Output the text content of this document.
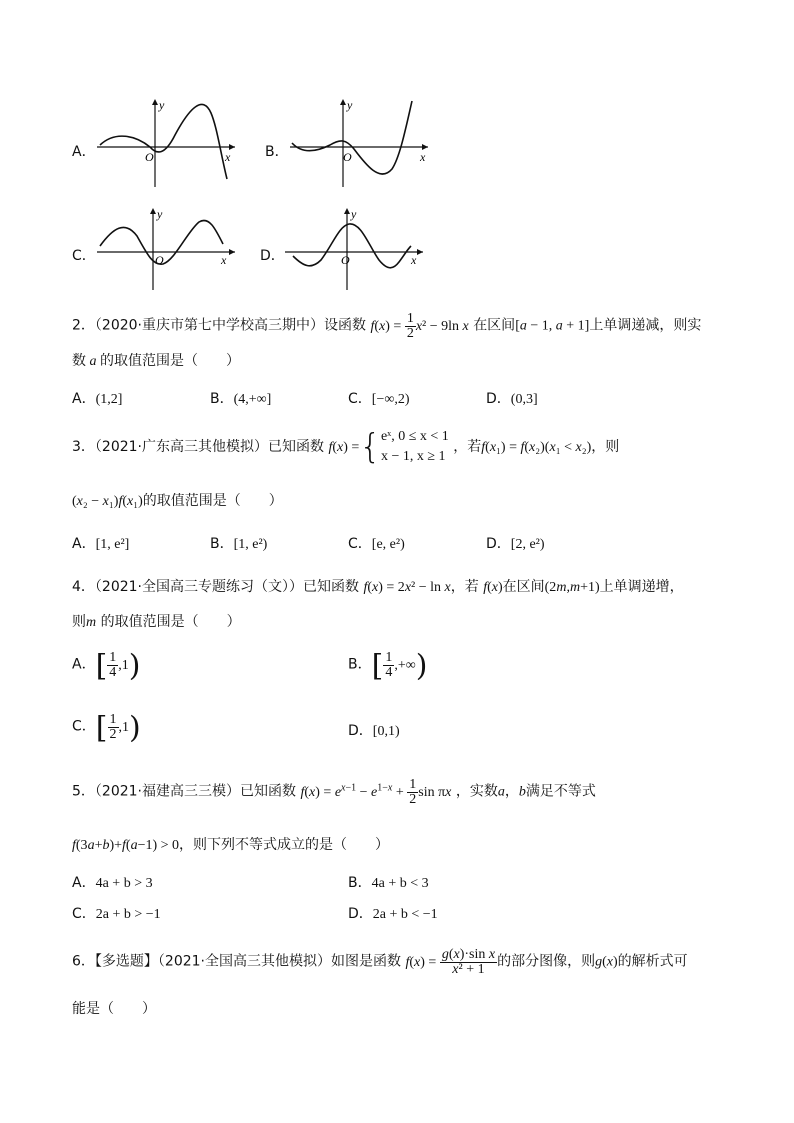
A．
y
x
O	B．
y
x
O
C．
y
x
O	D．
y
x
O
2．（2020·重庆市第七中学校高三期中）设函数 $f(x) = \frac{1}{2} x^2 - 9\ln$ x 在区间[a − 1, a + 1]上单调递减，则实
数 a 的取值范围是（　　）
A．(1,2]	B．(4,+∞]	C．[−∞,2)	D．(0,3]
3．（2021·广东高三其他模拟）已知函数 f(x) ={ eˣ, 0 ≤ x < 1
x − 1, x ≥ 1
，若f(x₁) = f(x₂)(x₁ < x₂)，则
(x₂ − x₁)f(x₁)的取值范围是（　　）
A．[1, e²]	B．[1, e²)	C．[e, e²)	D．[2, e²)
4．（2021·全国高三专题练习（文））已知函数 f(x) = 2x² − ln x，若 f(x)在区间(2m,m+1)上单调递增，
则m 的取值范围是（　　）
A．[ $\frac{1}{4} ,1$)	B．[ $\frac{1}{4}$ ,+∞)
C．[ $\frac{1}{2} ,1$)	D．[0,1)
5．（2021·福建高三三模）已知函数 $f(x) = e^{x-1} - e^{1-x} + \frac{1}{2}$ sin πx ，实数a，b满足不等式
f(3a+b)+f(a−1) > 0，则下列不等式成立的是（　　）
A．4a + b > 3	B．4a + b < 3
C．2a + b > −1	D．2a + b < −1
6．【多选题】（2021·全国高三其他模拟）如图是函数 $f(x) = \frac{\text{g(x)·sin x}}{\text{x² + 1}}$ 的部分图像，则g(x)的解析式可
能是（　　）
